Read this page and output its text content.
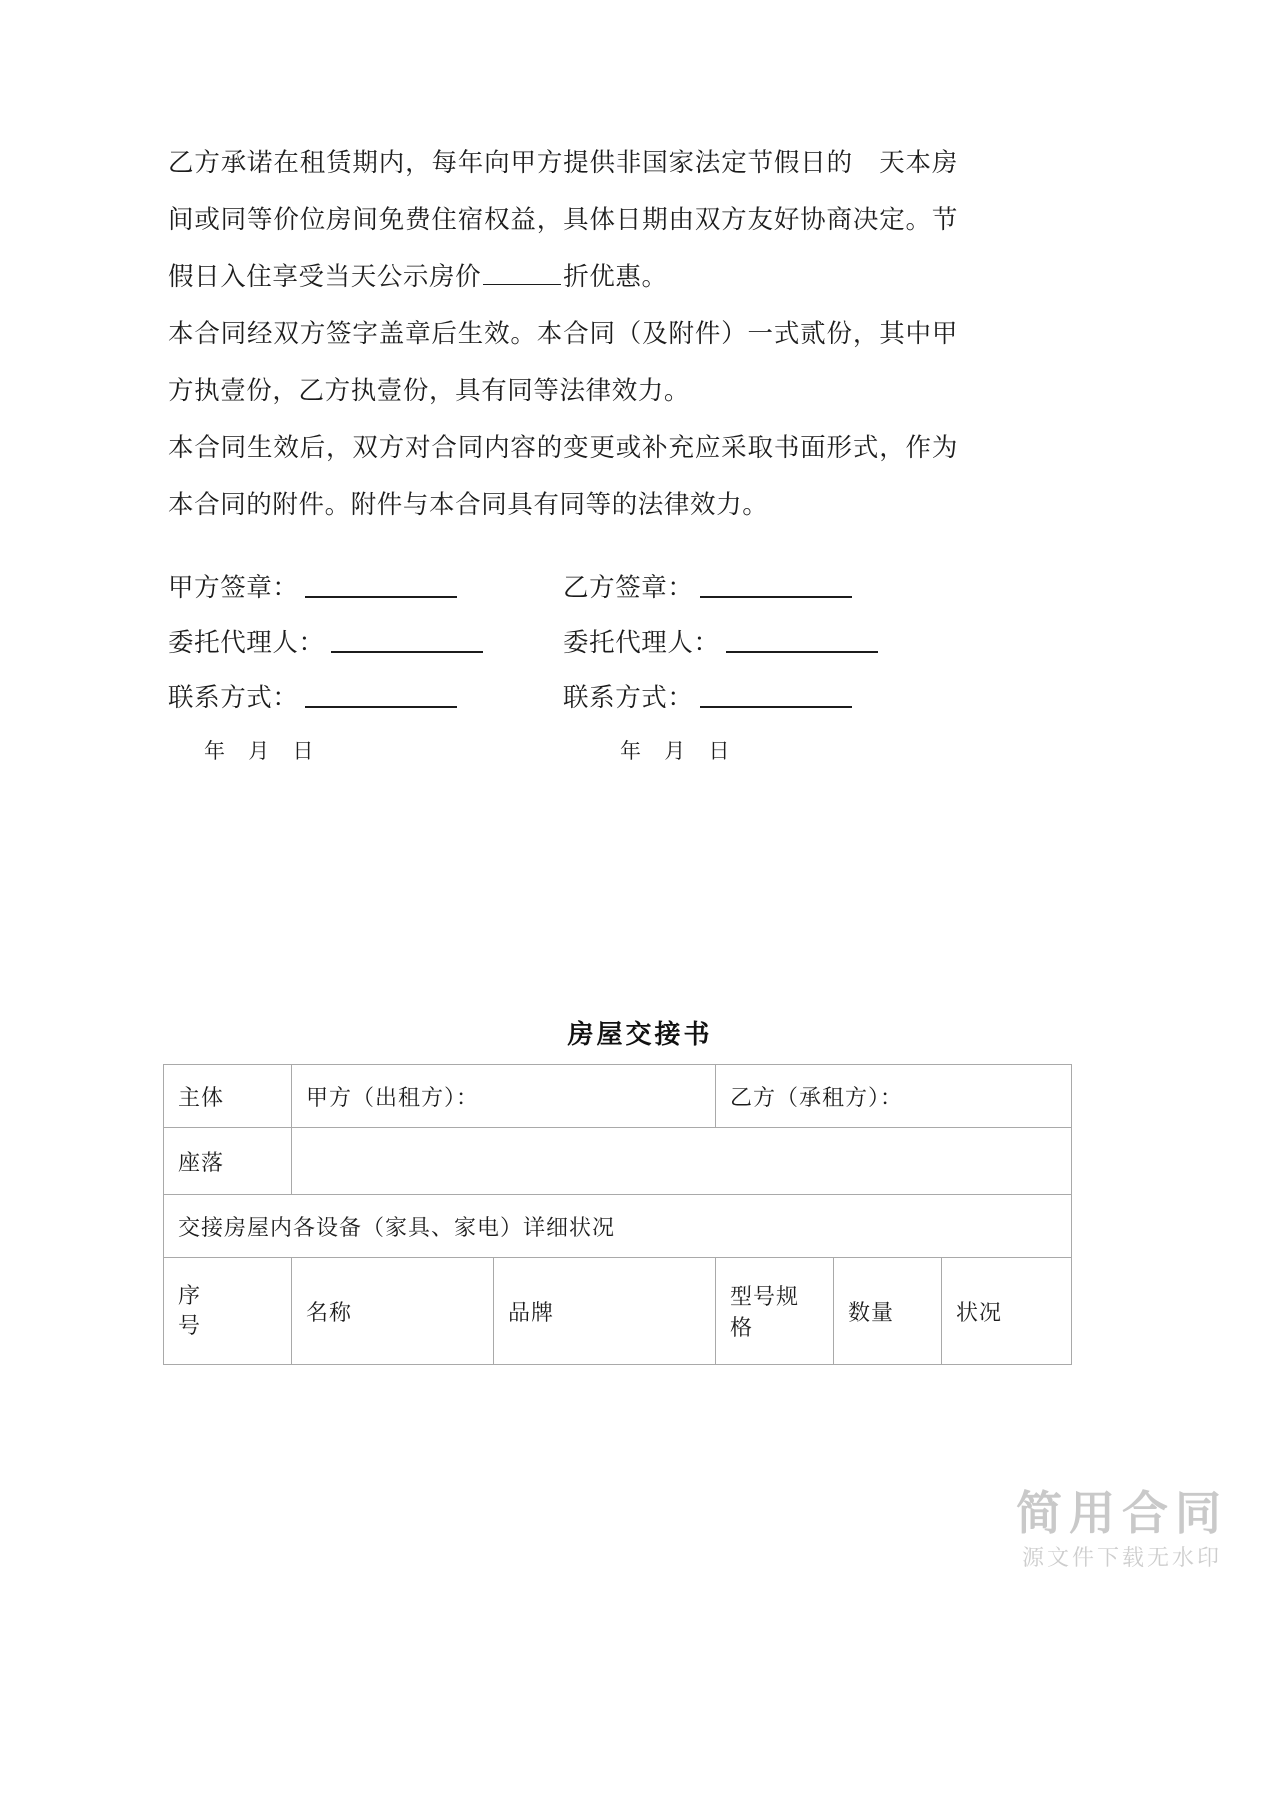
乙方承诺在租赁期内，每年向甲方提供非国家法定节假日的 天本房间或同等价位房间免费住宿权益，具体日期由双方友好协商决定。节假日入住享受当天公示房价	折优惠。

本合同经双方签字盖章后生效。本合同（及附件）一式贰份，其中甲方执壹份，乙方执壹份，具有同等法律效力。

本合同生效后，双方对合同内容的变更或补充应采取书面形式，作为本合同的附件。附件与本合同具有同等的法律效力。

甲方签章：	乙方签章：
委托代理人：	委托代理人：
联系方式：	联系方式：
年 月 日	年 月 日
房屋交接书
主体	甲方（出租方）：		乙方（承租方）：		
座落					
交接房屋内各设备（家具、家电）详细状况					

序
号	名称	品牌	型号规格	数量	状况
简用合同
源文件下载无水印
